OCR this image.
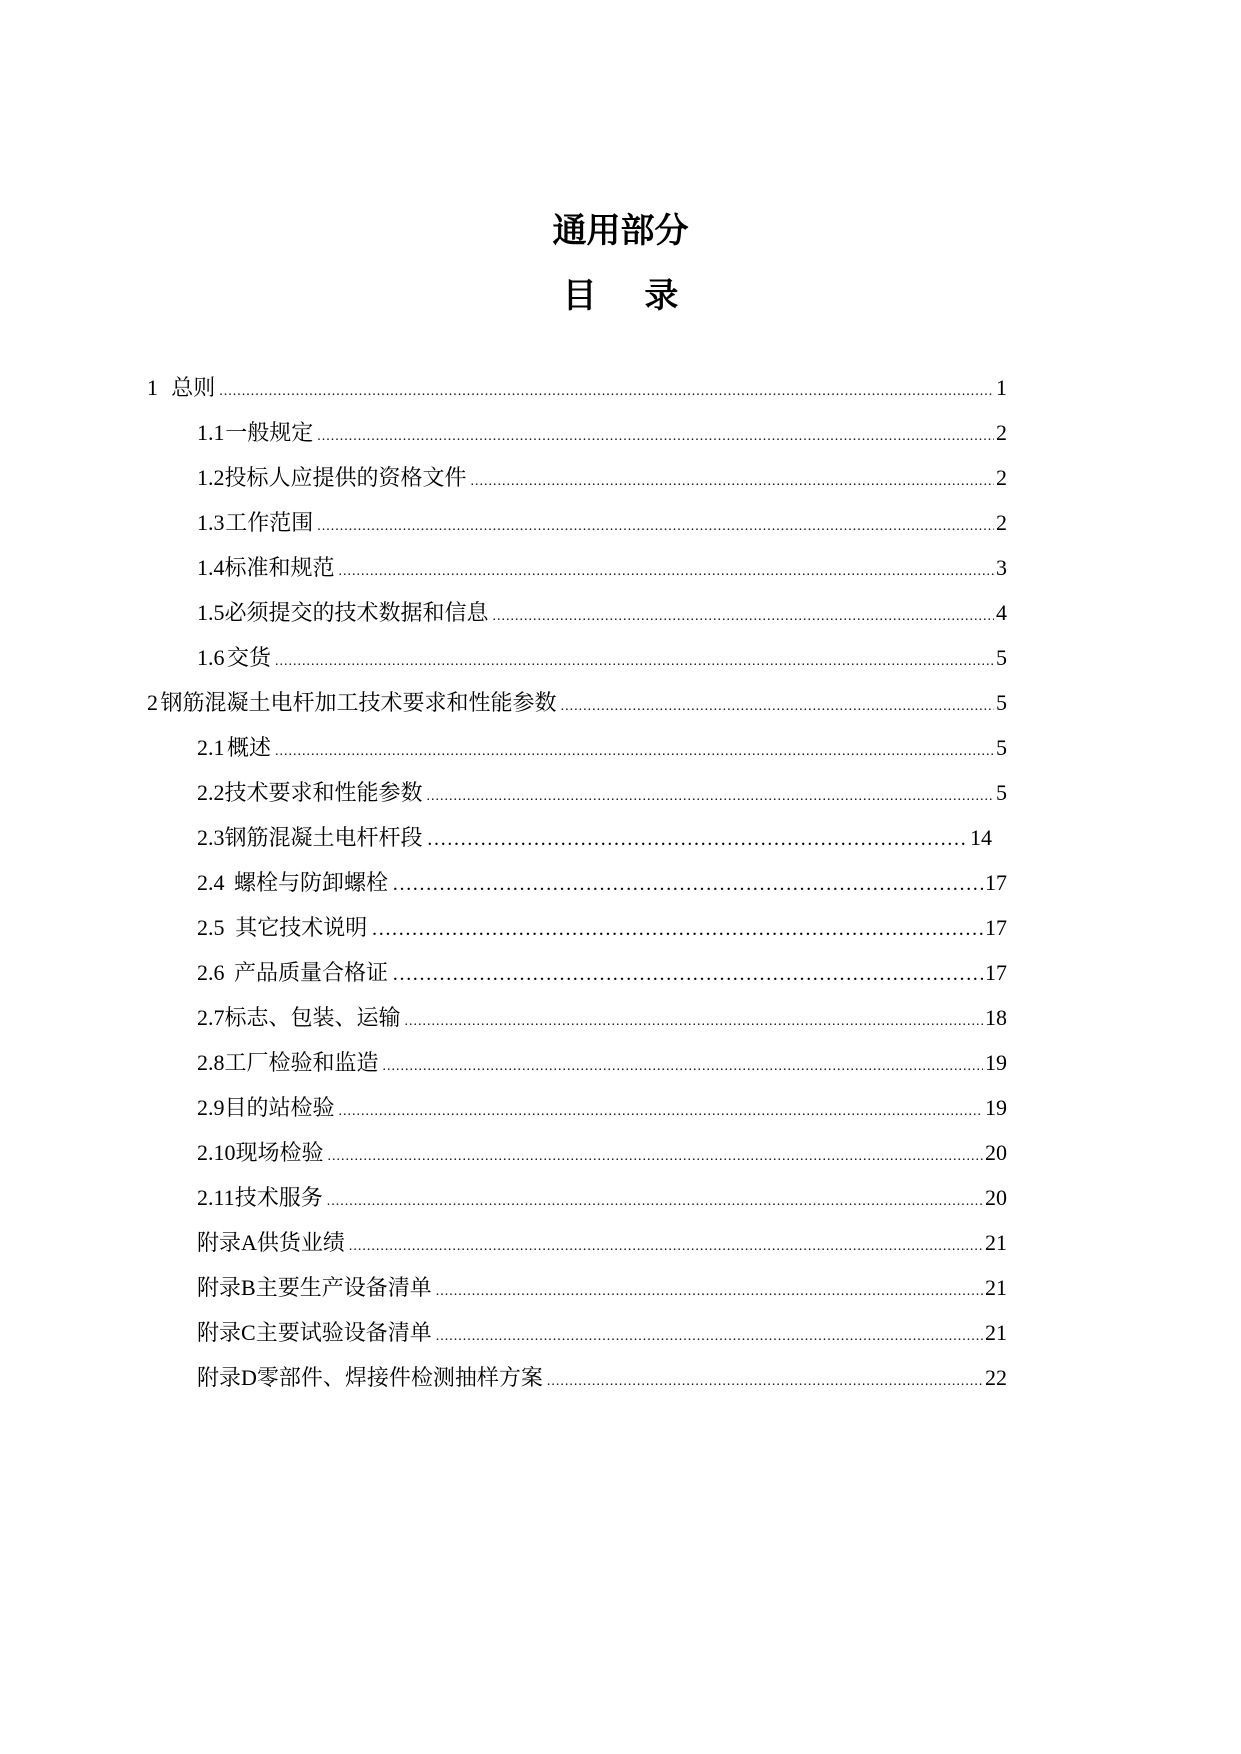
通用部分
目 录
1 总则 .....	1
1.1 一般规定 .....	2
1.2 投标人应提供的资格文件 .....	2
1.3 工作范围 .....	2
1.4 标准和规范 .....	3
1.5 必须提交的技术数据和信息 .....	4
1.6 交货 .....	5
2 钢筋混凝土电杆加工技术要求和性能参数 .....	5
2.1 概述 .....	5
2.2 技术要求和性能参数 .....	5
2.3 钢筋混凝土电杆杆段 ………………………………………………………………………………………………………………………………	14
2.4 螺栓与防卸螺栓 ………………………………………………………………………………………………………………………………	17
2.5 其它技术说明 ………………………………………………………………………………………………………………………………	17
2.6 产品质量合格证 ………………………………………………………………………………………………………………………………	17
2.7 标志、包装、运输 .....	18
2.8 工厂检验和监造 .....	19
2.9 目的站检验 .....	19
2.10 现场检验 .....	20
2.11 技术服务 .....	20
附录A 供货业绩 .....	21
附录B 主要生产设备清单 .....	21
附录C 主要试验设备清单 .....	21
附录D 零部件、焊接件检测抽样方案 .....	22
